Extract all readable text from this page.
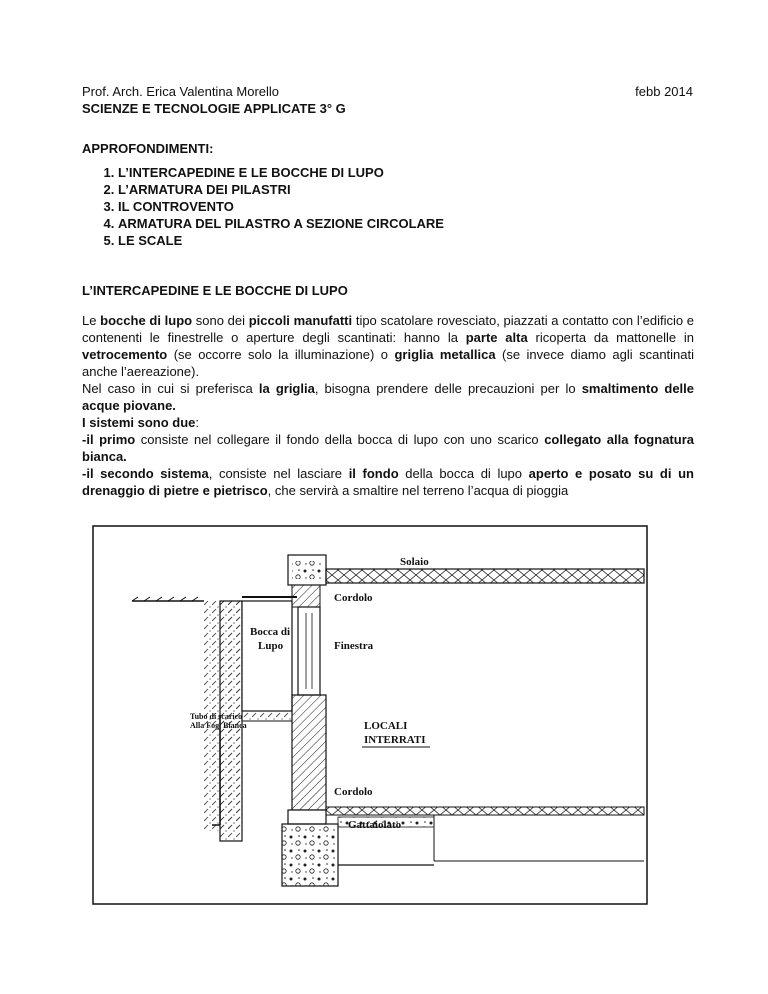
Prof. Arch. Erica Valentina Morello
SCIENZE E TECNOLOGIE APPLICATE 3° G
febb 2014
APPROFONDIMENTI:
1. L’INTERCAPEDINE E LE BOCCHE DI LUPO
2. L’ARMATURA DEI PILASTRI
3. IL CONTROVENTO
4. ARMATURA DEL PILASTRO A SEZIONE CIRCOLARE
5. LE SCALE
L’INTERCAPEDINE E LE BOCCHE DI LUPO

Le bocche di lupo sono dei piccoli manufatti tipo scatolare rovesciato, piazzati a contatto con l’edificio e contenenti le finestrelle o aperture degli scantinati: hanno la parte alta ricoperta da mattonelle in vetrocemento (se occorre solo la illuminazione) o griglia metallica (se invece diamo agli scantinati anche l’aereazione).

Nel caso in cui si preferisca la griglia, bisogna prendere delle precauzioni per lo smaltimento delle acque piovane.

I sistemi sono due:

-il primo consiste nel collegare il fondo della bocca di lupo con uno scarico collegato alla fognatura bianca.

-il secondo sistema, consiste nel lasciare il fondo della bocca di lupo aperto e posato su di un drenaggio di pietre e pietrisco, che servirà a smaltire nel terreno l’acqua di pioggia

Solaio
Cordolo
Bocca di
Lupo	Finestra
Tubo di scarico
Alla Fog. Bianca	LOCALI
INTERRATI
Cordolo
Gattaiolato
